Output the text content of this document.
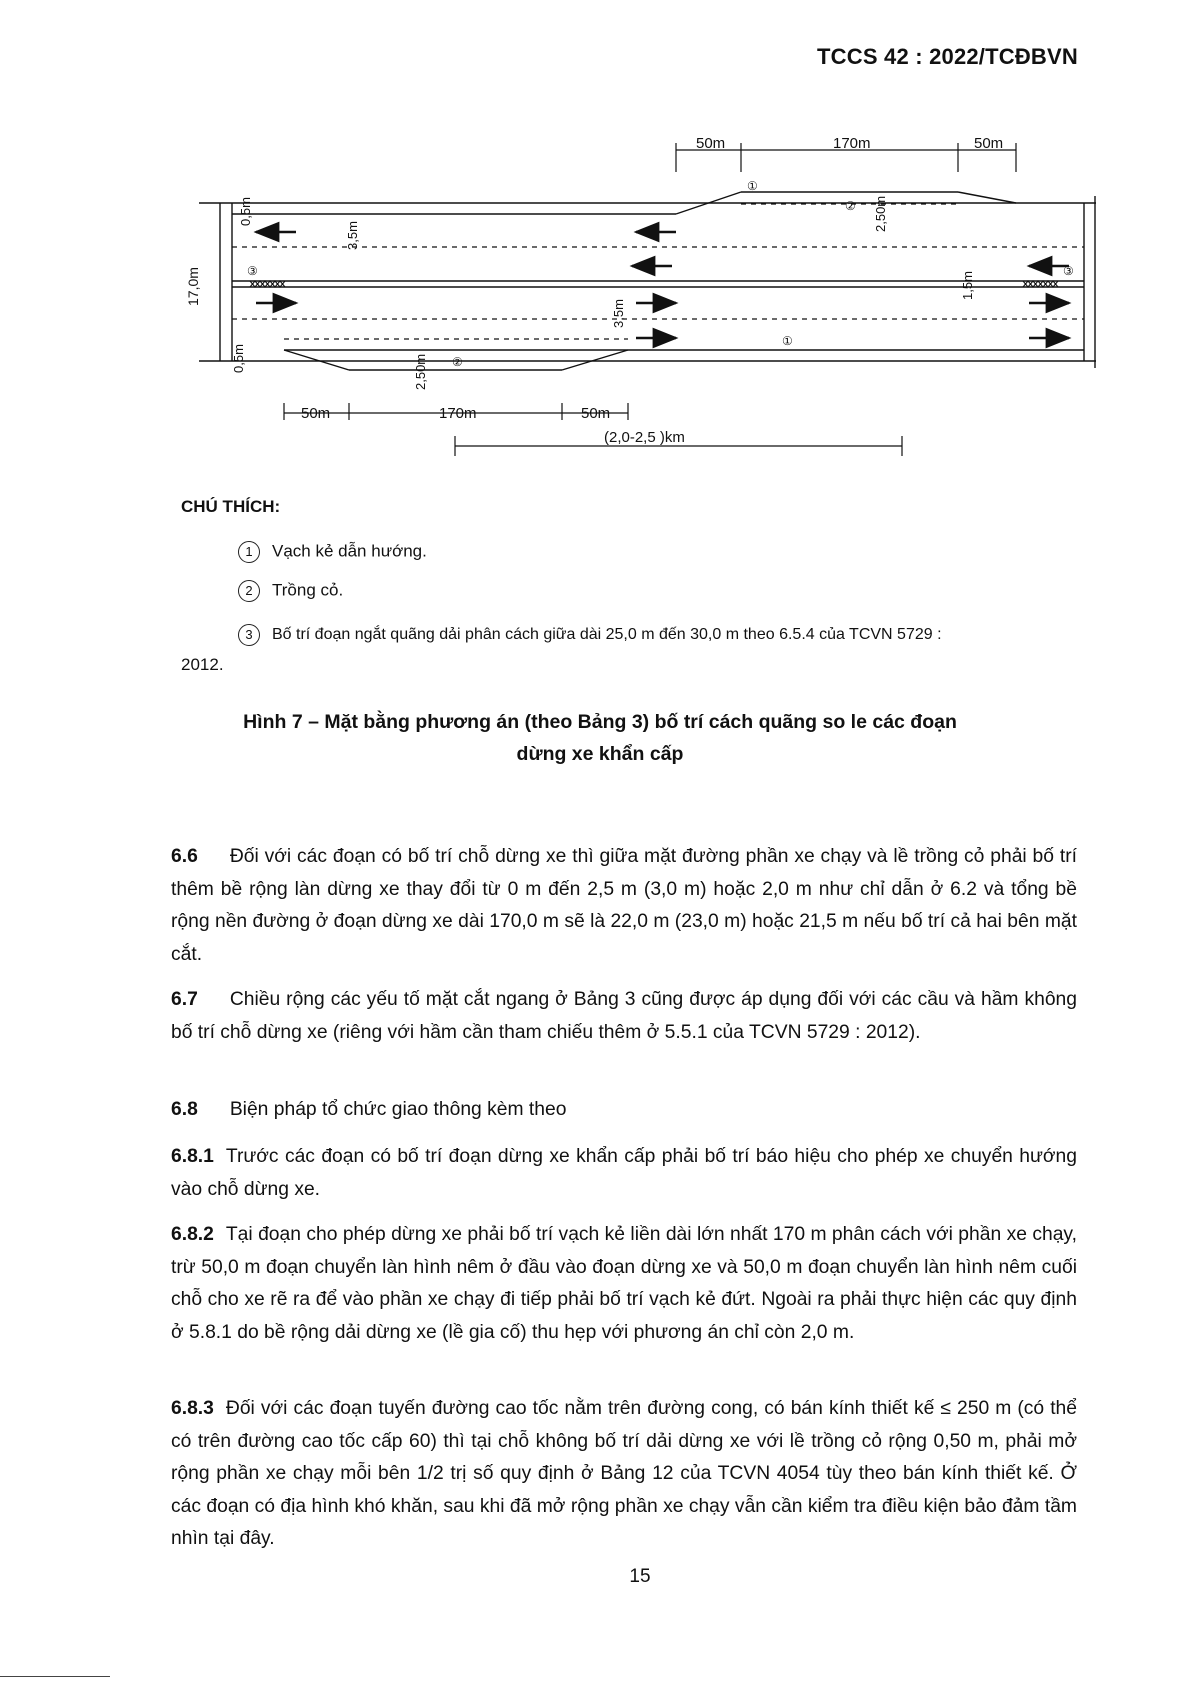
TCCS 42 : 2022/TCĐBVN
50m	170m	50m
17,0m
0,5m
3,5m
2,50m
1,5m
3,5m
0,5m	2,50m
①
②
③	③
②
①
50m	170m	50m
(2,0-2,5 )km
CHÚ THÍCH:
1 Vạch kẻ dẫn hướng.
2 Trồng cỏ.
3 Bố trí đoạn ngắt quãng dải phân cách giữa dài 25,0 m đến 30,0 m theo 6.5.4 của TCVN 5729 :
2012.
Hình 7 – Mặt bằng phương án (theo Bảng 3) bố trí cách quãng so le các đoạn
dừng xe khẩn cấp
6.6 Đối với các đoạn có bố trí chỗ dừng xe thì giữa mặt đường phần xe chạy và lề trồng cỏ phải bố trí thêm bề rộng làn dừng xe thay đổi từ 0 m đến 2,5 m (3,0 m) hoặc 2,0 m như chỉ dẫn ở 6.2 và tổng bề rộng nền đường ở đoạn dừng xe dài 170,0 m sẽ là 22,0 m (23,0 m) hoặc 21,5 m nếu bố trí cả hai bên mặt cắt.
6.7 Chiều rộng các yếu tố mặt cắt ngang ở Bảng 3 cũng được áp dụng đối với các cầu và hầm không bố trí chỗ dừng xe (riêng với hầm cần tham chiếu thêm ở 5.5.1 của TCVN 5729 : 2012).
6.8 Biện pháp tổ chức giao thông kèm theo
6.8.1 Trước các đoạn có bố trí đoạn dừng xe khẩn cấp phải bố trí báo hiệu cho phép xe chuyển hướng vào chỗ dừng xe.
6.8.2 Tại đoạn cho phép dừng xe phải bố trí vạch kẻ liền dài lớn nhất 170 m phân cách với phần xe chạy, trừ 50,0 m đoạn chuyển làn hình nêm ở đầu vào đoạn dừng xe và 50,0 m đoạn chuyển làn hình nêm cuối chỗ cho xe rẽ ra để vào phần xe chạy đi tiếp phải bố trí vạch kẻ đứt. Ngoài ra phải thực hiện các quy định ở 5.8.1 do bề rộng dải dừng xe (lề gia cố) thu hẹp với phương án chỉ còn 2,0 m.
6.8.3 Đối với các đoạn tuyến đường cao tốc nằm trên đường cong, có bán kính thiết kế ≤ 250 m (có thể có trên đường cao tốc cấp 60) thì tại chỗ không bố trí dải dừng xe với lề trồng cỏ rộng 0,50 m, phải mở rộng phần xe chạy mỗi bên 1/2 trị số quy định ở Bảng 12 của TCVN 4054 tùy theo bán kính thiết kế. Ở các đoạn có địa hình khó khăn, sau khi đã mở rộng phần xe chạy vẫn cần kiểm tra điều kiện bảo đảm tầm nhìn tại đây.
15
